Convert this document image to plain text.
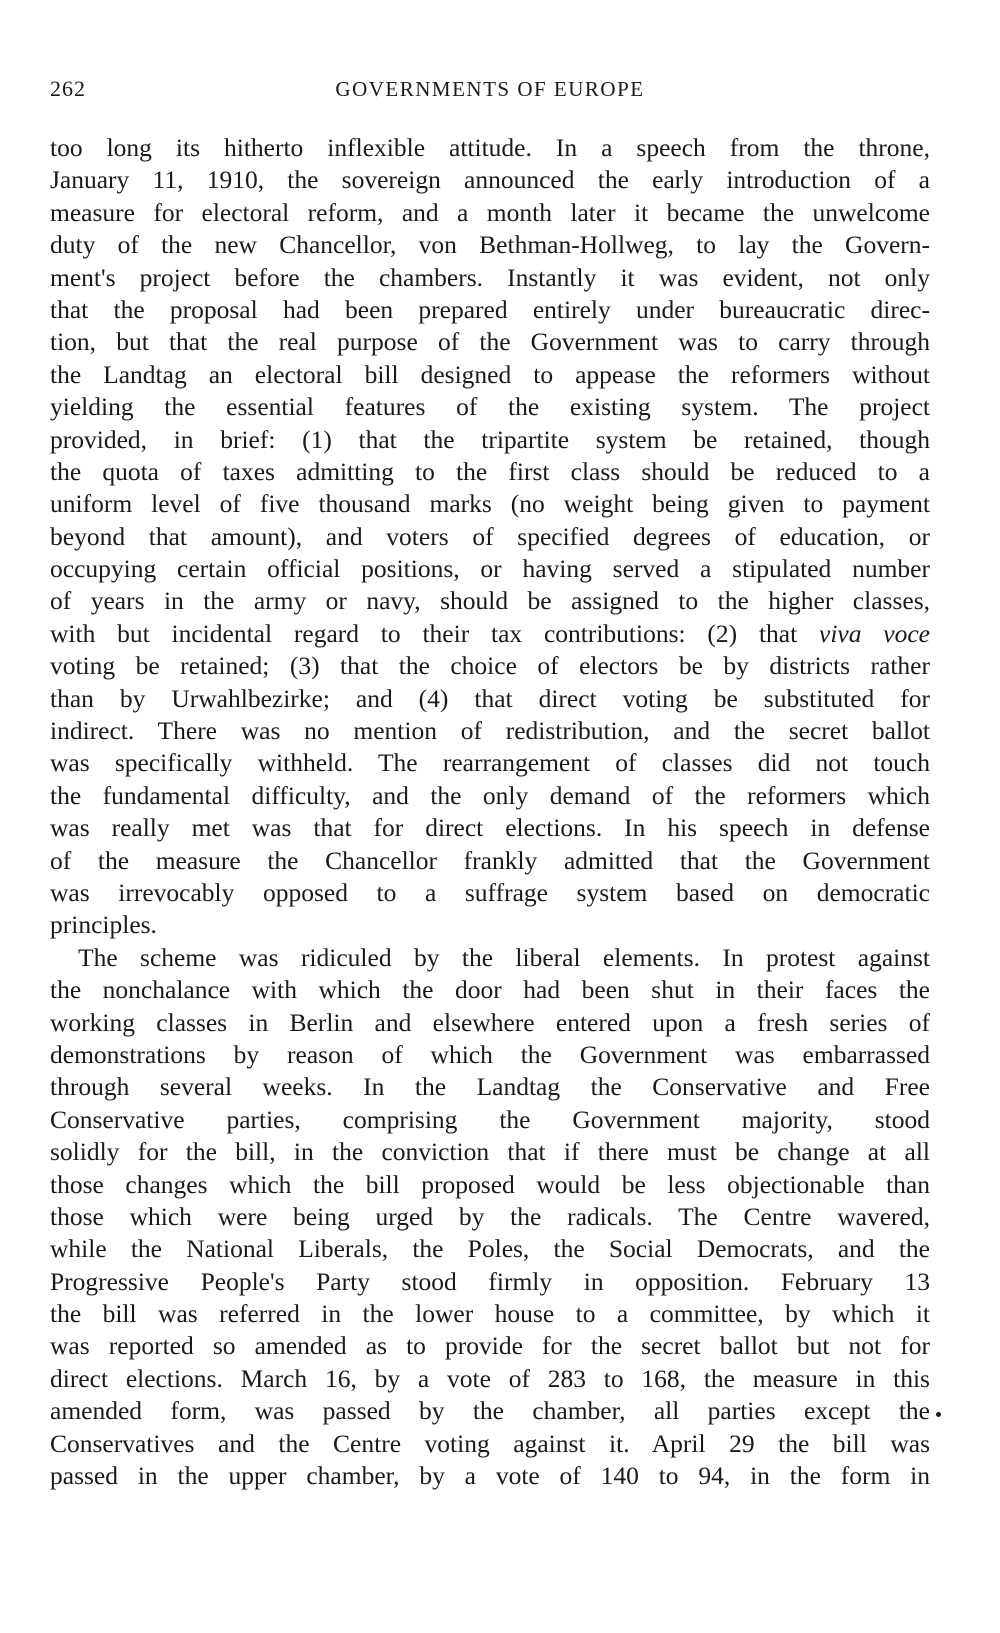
262	GOVERNMENTS OF EUROPE
too long its hitherto inflexible attitude. In a speech from the throne,
January 11, 1910, the sovereign announced the early introduction of a
measure for electoral reform, and a month later it became the unwelcome
duty of the new Chancellor, von Bethman-Hollweg, to lay the Govern-
ment's project before the chambers. Instantly it was evident, not only
that the proposal had been prepared entirely under bureaucratic direc-
tion, but that the real purpose of the Government was to carry through
the Landtag an electoral bill designed to appease the reformers without
yielding the essential features of the existing system. The project
provided, in brief: (1) that the tripartite system be retained, though
the quota of taxes admitting to the first class should be reduced to a
uniform level of five thousand marks (no weight being given to payment
beyond that amount), and voters of specified degrees of education, or
occupying certain official positions, or having served a stipulated number
of years in the army or navy, should be assigned to the higher classes,
with but incidental regard to their tax contributions: (2) that viva voce
voting be retained; (3) that the choice of electors be by districts rather
than by Urwahlbezirke; and (4) that direct voting be substituted for
indirect. There was no mention of redistribution, and the secret ballot
was specifically withheld. The rearrangement of classes did not touch
the fundamental difficulty, and the only demand of the reformers which
was really met was that for direct elections. In his speech in defense
of the measure the Chancellor frankly admitted that the Government
was irrevocably opposed to a suffrage system based on democratic
principles.
The scheme was ridiculed by the liberal elements. In protest against
the nonchalance with which the door had been shut in their faces the
working classes in Berlin and elsewhere entered upon a fresh series of
demonstrations by reason of which the Government was embarrassed
through several weeks. In the Landtag the Conservative and Free
Conservative parties, comprising the Government majority, stood
solidly for the bill, in the conviction that if there must be change at all
those changes which the bill proposed would be less objectionable than
those which were being urged by the radicals. The Centre wavered,
while the National Liberals, the Poles, the Social Democrats, and the
Progressive People's Party stood firmly in opposition. February 13
the bill was referred in the lower house to a committee, by which it
was reported so amended as to provide for the secret ballot but not for
direct elections. March 16, by a vote of 283 to 168, the measure in this
amended form, was passed by the chamber, all parties except the
Conservatives and the Centre voting against it. April 29 the bill was
passed in the upper chamber, by a vote of 140 to 94, in the form in
